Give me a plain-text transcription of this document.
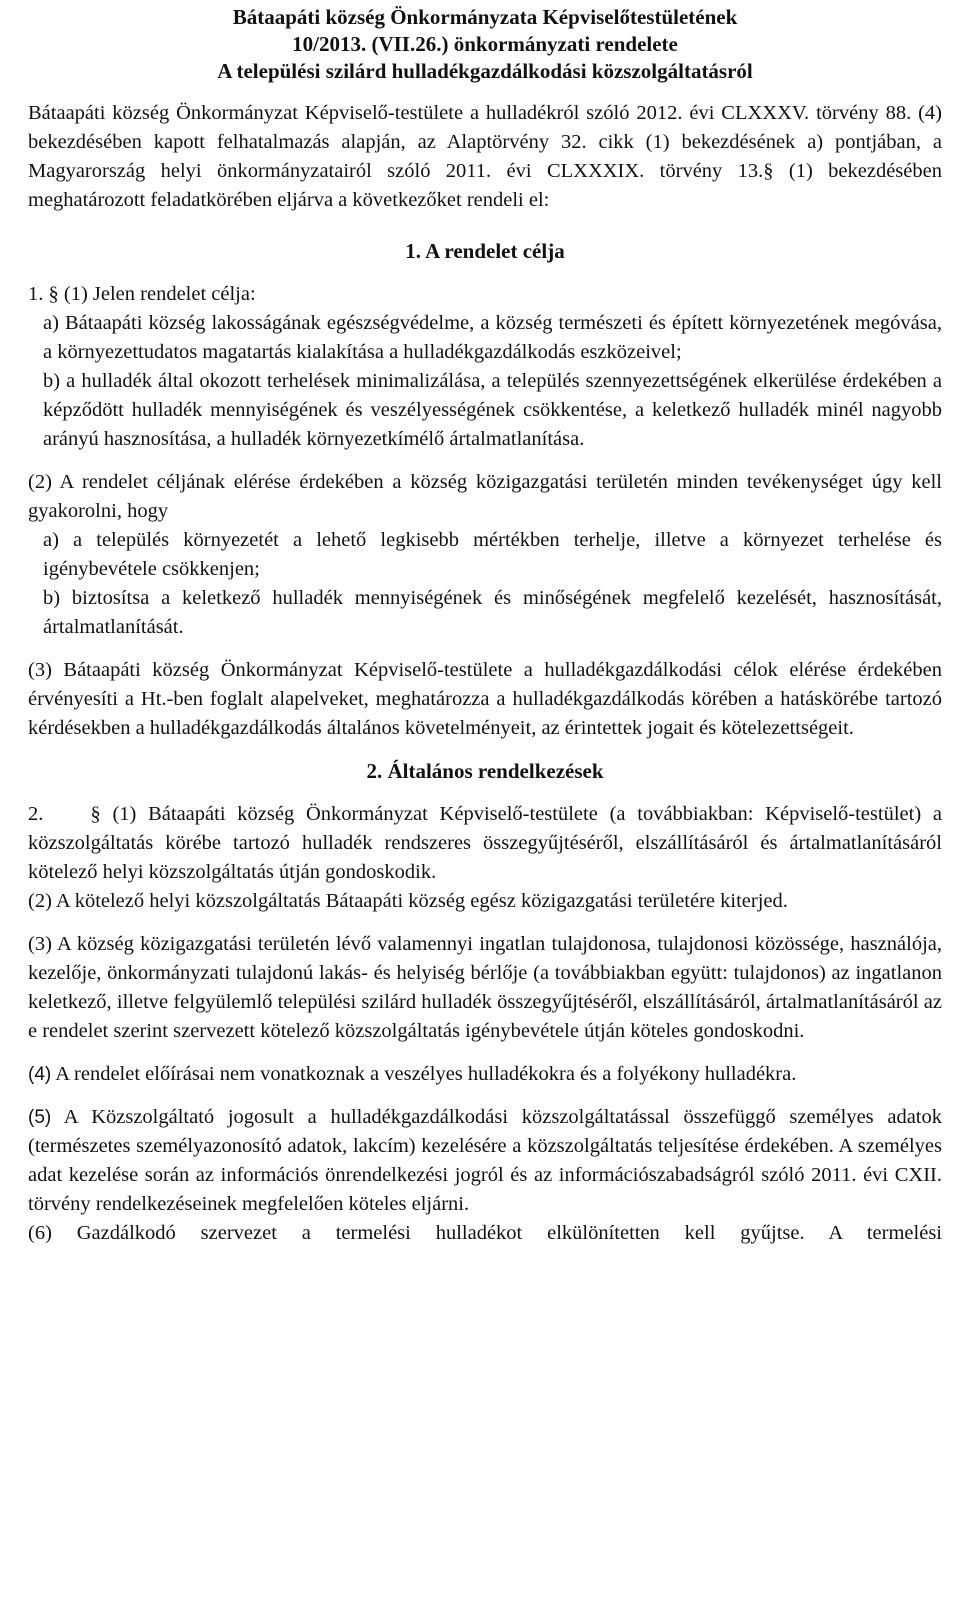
Bátaapáti község Önkormányzata Képviselőtestületének
10/2013. (VII.26.) önkormányzati rendelete
A települési szilárd hulladékgazdálkodási közszolgáltatásról

Bátaapáti község Önkormányzat Képviselő-testülete a hulladékról szóló 2012. évi CLXXXV. törvény 88. (4) bekezdésében kapott felhatalmazás alapján, az Alaptörvény 32. cikk (1) bekezdésének a) pontjában, a Magyarország helyi önkormányzatairól szóló 2011. évi CLXXXIX. törvény 13.§ (1) bekezdésében meghatározott feladatkörében eljárva a következőket rendeli el:

1. A rendelet célja

1. § (1) Jelen rendelet célja:

a) Bátaapáti község lakosságának egészségvédelme, a község természeti és épített környezetének megóvása, a környezettudatos magatartás kialakítása a hulladékgazdálkodás eszközeivel;

b) a hulladék által okozott terhelések minimalizálása, a település szennyezettségének elkerülése érdekében a képződött hulladék mennyiségének és veszélyességének csökkentése, a keletkező hulladék minél nagyobb arányú hasznosítása, a hulladék környezetkímélő ártalmatlanítása.

(2) A rendelet céljának elérése érdekében a község közigazgatási területén minden tevékenységet úgy kell gyakorolni, hogy

a) a település környezetét a lehető legkisebb mértékben terhelje, illetve a környezet terhelése és igénybevétele csökkenjen;

b) biztosítsa a keletkező hulladék mennyiségének és minőségének megfelelő kezelését, hasznosítását, ártalmatlanítását.

(3) Bátaapáti község Önkormányzat Képviselő-testülete a hulladékgazdálkodási célok elérése érdekében érvényesíti a Ht.-ben foglalt alapelveket, meghatározza a hulladékgazdálkodás körében a hatáskörébe tartozó kérdésekben a hulladékgazdálkodás általános követelményeit, az érintettek jogait és kötelezettségeit.

2. Általános rendelkezések

2. § (1) Bátaapáti község Önkormányzat Képviselő-testülete (a továbbiakban: Képviselő-testület) a közszolgáltatás körébe tartozó hulladék rendszeres összegyűjtéséről, elszállításáról és ártalmatlanításáról kötelező helyi közszolgáltatás útján gondoskodik.

(2) A kötelező helyi közszolgáltatás Bátaapáti község egész közigazgatási területére kiterjed.

(3) A község közigazgatási területén lévő valamennyi ingatlan tulajdonosa, tulajdonosi közössége, használója, kezelője, önkormányzati tulajdonú lakás- és helyiség bérlője (a továbbiakban együtt: tulajdonos) az ingatlanon keletkező, illetve felgyülemlő települési szilárd hulladék összegyűjtéséről, elszállításáról, ártalmatlanításáról az e rendelet szerint szervezett kötelező közszolgáltatás igénybevétele útján köteles gondoskodni.

(4) A rendelet előírásai nem vonatkoznak a veszélyes hulladékokra és a folyékony hulladékra.

(5) A Közszolgáltató jogosult a hulladékgazdálkodási közszolgáltatással összefüggő személyes adatok (természetes személyazonosító adatok, lakcím) kezelésére a közszolgáltatás teljesítése érdekében. A személyes adat kezelése során az információs önrendelkezési jogról és az információszabadságról szóló 2011. évi CXII. törvény rendelkezéseinek megfelelően köteles eljárni.

(6) Gazdálkodó szervezet a termelési hulladékot elkülönítetten kell gyűjtse. A termelési
